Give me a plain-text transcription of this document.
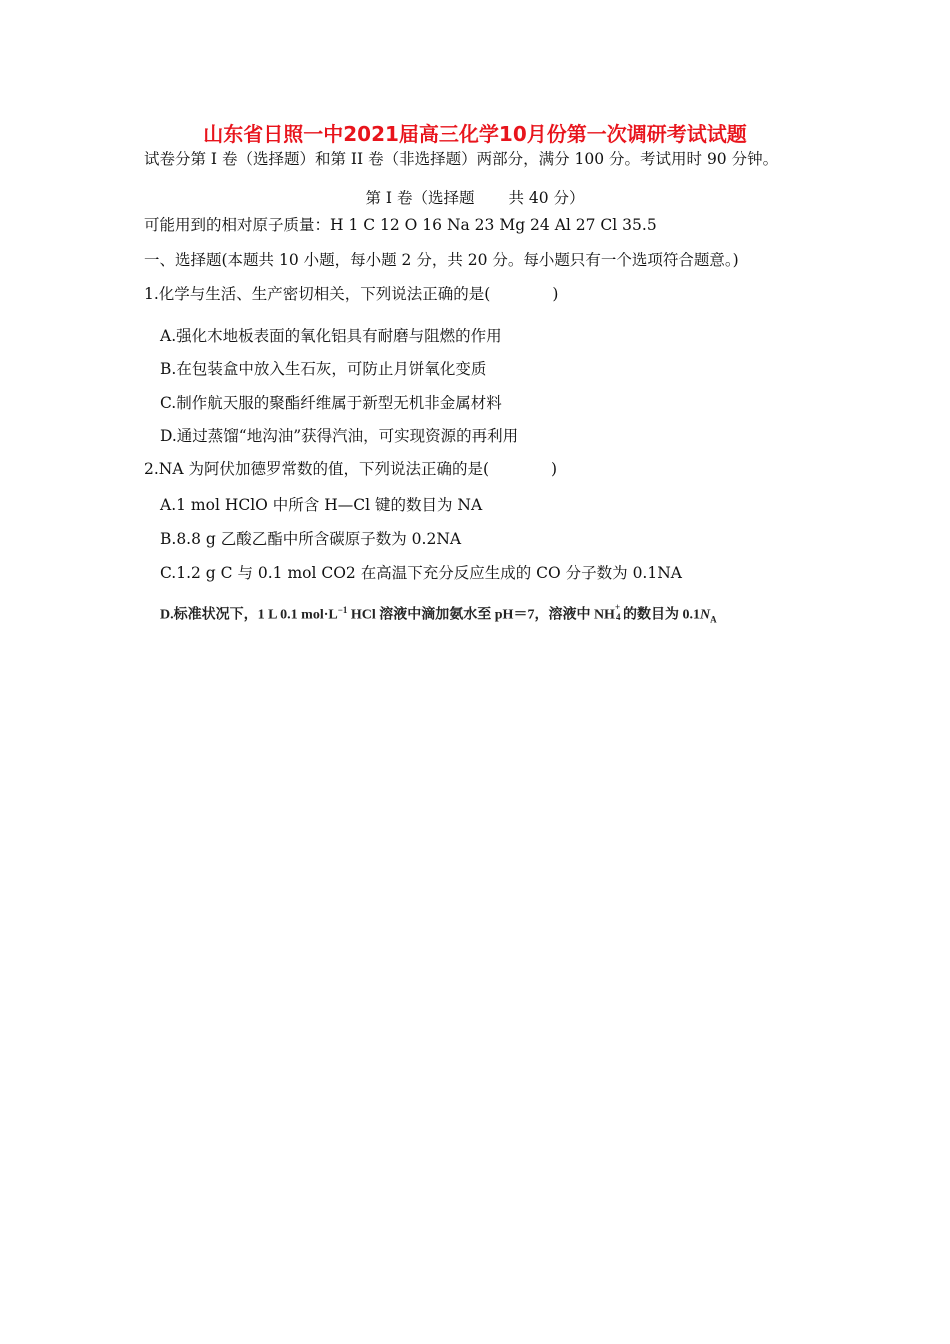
山东省日照一中2021届高三化学10月份第一次调研考试试题
试卷分第 I 卷（选择题）和第 II 卷（非选择题）两部分，满分 100 分。考试用时 90 分钟。
第 I 卷（选择题 共 40 分）
可能用到的相对原子质量：H 1 C 12 O 16 Na 23 Mg 24 Al 27 Cl 35.5
一、选择题(本题共 10 小题，每小题 2 分，共 20 分。每小题只有一个选项符合题意。)
1.化学与生活、生产密切相关，下列说法正确的是(	)
A.强化木地板表面的氧化铝具有耐磨与阻燃的作用
B.在包装盒中放入生石灰，可防止月饼氧化变质
C.制作航天服的聚酯纤维属于新型无机非金属材料
D.通过蒸馏“地沟油”获得汽油，可实现资源的再利用
2.NA 为阿伏加德罗常数的值，下列说法正确的是(	)
A.1 mol HClO 中所含 H—Cl 键的数目为 NA
B.8.8 g 乙酸乙酯中所含碳原子数为 0.2NA
C.1.2 g C 与 0.1 mol CO2 在高温下充分反应生成的 CO 分子数为 0.1NA
D.标准状况下，1 L 0.1 $mol\cdot L^{-1}$ HCl 溶液中滴加氨水至 pH＝7，溶液中 NH
+
4 的数目为 $0.1N_A$
